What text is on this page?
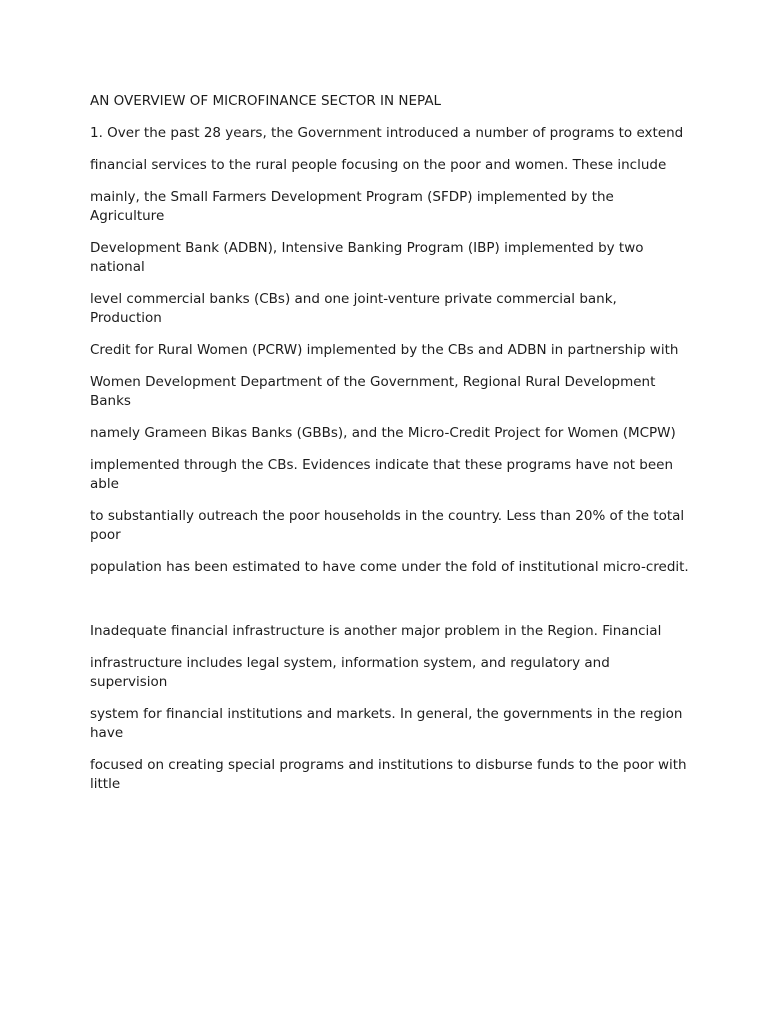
AN OVERVIEW OF MICROFINANCE SECTOR IN NEPAL

1. Over the past 28 years, the Government introduced a number of programs to extend

financial services to the rural people focusing on the poor and women. These include

mainly, the Small Farmers Development Program (SFDP) implemented by the Agriculture

Development Bank (ADBN), Intensive Banking Program (IBP) implemented by two national

level commercial banks (CBs) and one joint-venture private commercial bank, Production

Credit for Rural Women (PCRW) implemented by the CBs and ADBN in partnership with

Women Development Department of the Government, Regional Rural Development Banks

namely Grameen Bikas Banks (GBBs), and the Micro-Credit Project for Women (MCPW)

implemented through the CBs. Evidences indicate that these programs have not been able

to substantially outreach the poor households in the country. Less than 20% of the total poor

population has been estimated to have come under the fold of institutional micro-credit.

Inadequate financial infrastructure is another major problem in the Region. Financial

infrastructure includes legal system, information system, and regulatory and supervision

system for financial institutions and markets. In general, the governments in the region have

focused on creating special programs and institutions to disburse funds to the poor with little
